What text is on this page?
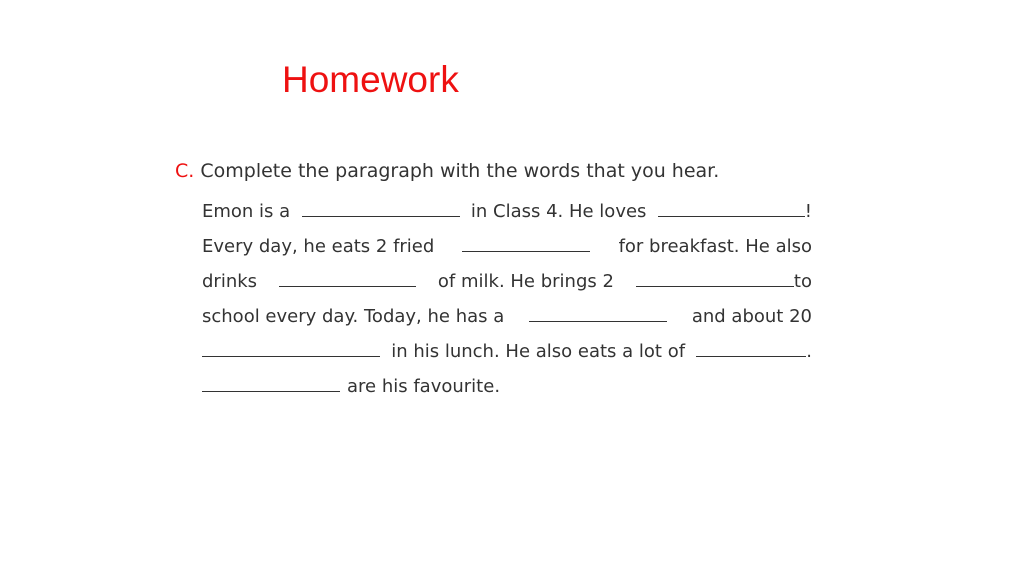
Homework
C. Complete the paragraph with the words that you hear.
Emon is a	in Class 4. He loves	!
Every day, he eats 2 fried	for breakfast. He also
drinks	of milk. He brings 2	to
school every day. Today, he has a	and about 20
in his lunch. He also eats a lot of	.
are his favourite.
